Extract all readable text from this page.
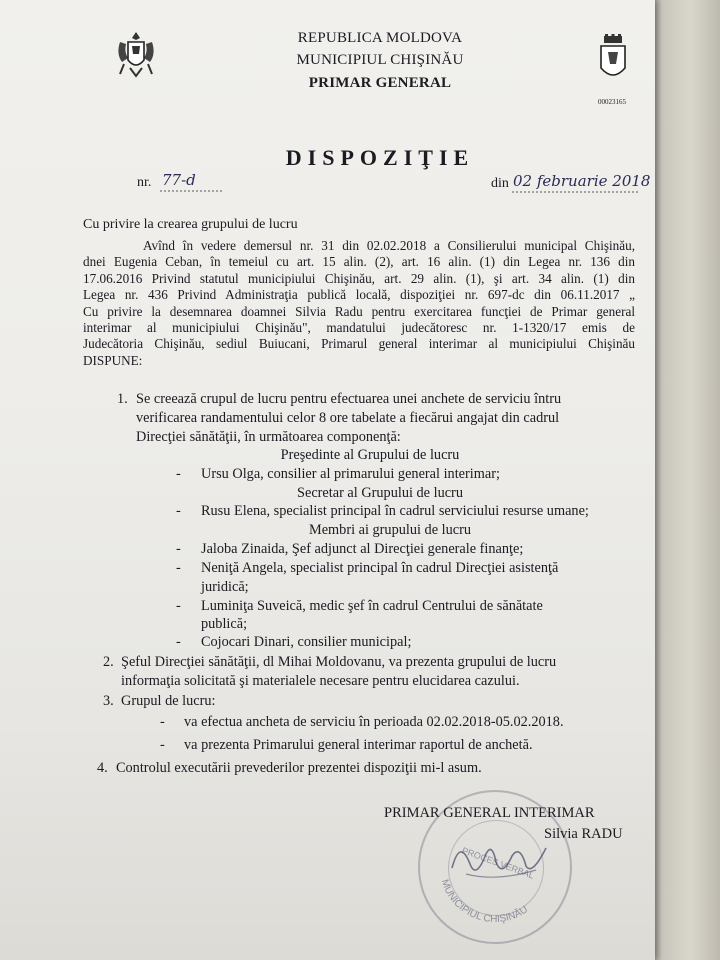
REPUBLICA MOLDOVA
MUNICIPIUL CHIŞINĂU
PRIMAR GENERAL
00023165
DISPOZIŢIE
nr. 77-d	din 02 februarie 2018
Cu privire la crearea grupului de lucru
Avînd în vedere demersul nr. 31 din 02.02.2018 a Consilierului municipal Chişinău,
dnei Eugenia Ceban, în temeiul cu art. 15 alin. (2), art. 16 alin. (1) din Legea nr. 136 din
17.06.2016 Privind statutul municipiului Chişinău, art. 29 alin. (1), şi art. 34 alin. (1) din
Legea nr. 436 Privind Administraţia publică locală, dispoziţiei nr. 697-dc din 06.11.2017 „
Cu privire la desemnarea doamnei Silvia Radu pentru exercitarea funcţiei de Primar general
interimar al municipiului Chişinău", mandatului judecătoresc nr. 1-1320/17 emis de
Judecătoria Chişinău, sediul Buiucani, Primarul general interimar al municipiului Chişinău
DISPUNE:
1. Se creează crupul de lucru pentru efectuarea unei anchete de serviciu întru
verificarea randamentului celor 8 ore tabelate a fiecărui angajat din cadrul
Direcţiei sănătăţii, în următoarea componenţă:
Preşedinte al Grupului de lucru
- Ursu Olga, consilier al primarului general interimar;
Secretar al Grupului de lucru
- Rusu Elena, specialist principal în cadrul serviciului resurse umane;
Membri ai grupului de lucru
- Jaloba Zinaida, Şef adjunct al Direcţiei generale finanţe;
- Neniţă Angela, specialist principal în cadrul Direcţiei asistenţă
juridică;
- Luminiţa Suveică, medic şef în cadrul Centrului de sănătate
publică;
- Cojocari Dinari, consilier municipal;
2. Şeful Direcţiei sănătăţii, dl Mihai Moldovanu, va prezenta grupului de lucru
informaţia solicitată şi materialele necesare pentru elucidarea cazului.
3. Grupul de lucru:
- va efectua ancheta de serviciu în perioada 02.02.2018-05.02.2018.
- va prezenta Primarului general interimar raportul de anchetă.
4. Controlul executării prevederilor prezentei dispoziţii mi-l asum.
MUNICIPIUL CHIŞINĂU
PROCES VERBAL
PRIMAR GENERAL INTERIMAR
Silvia RADU
